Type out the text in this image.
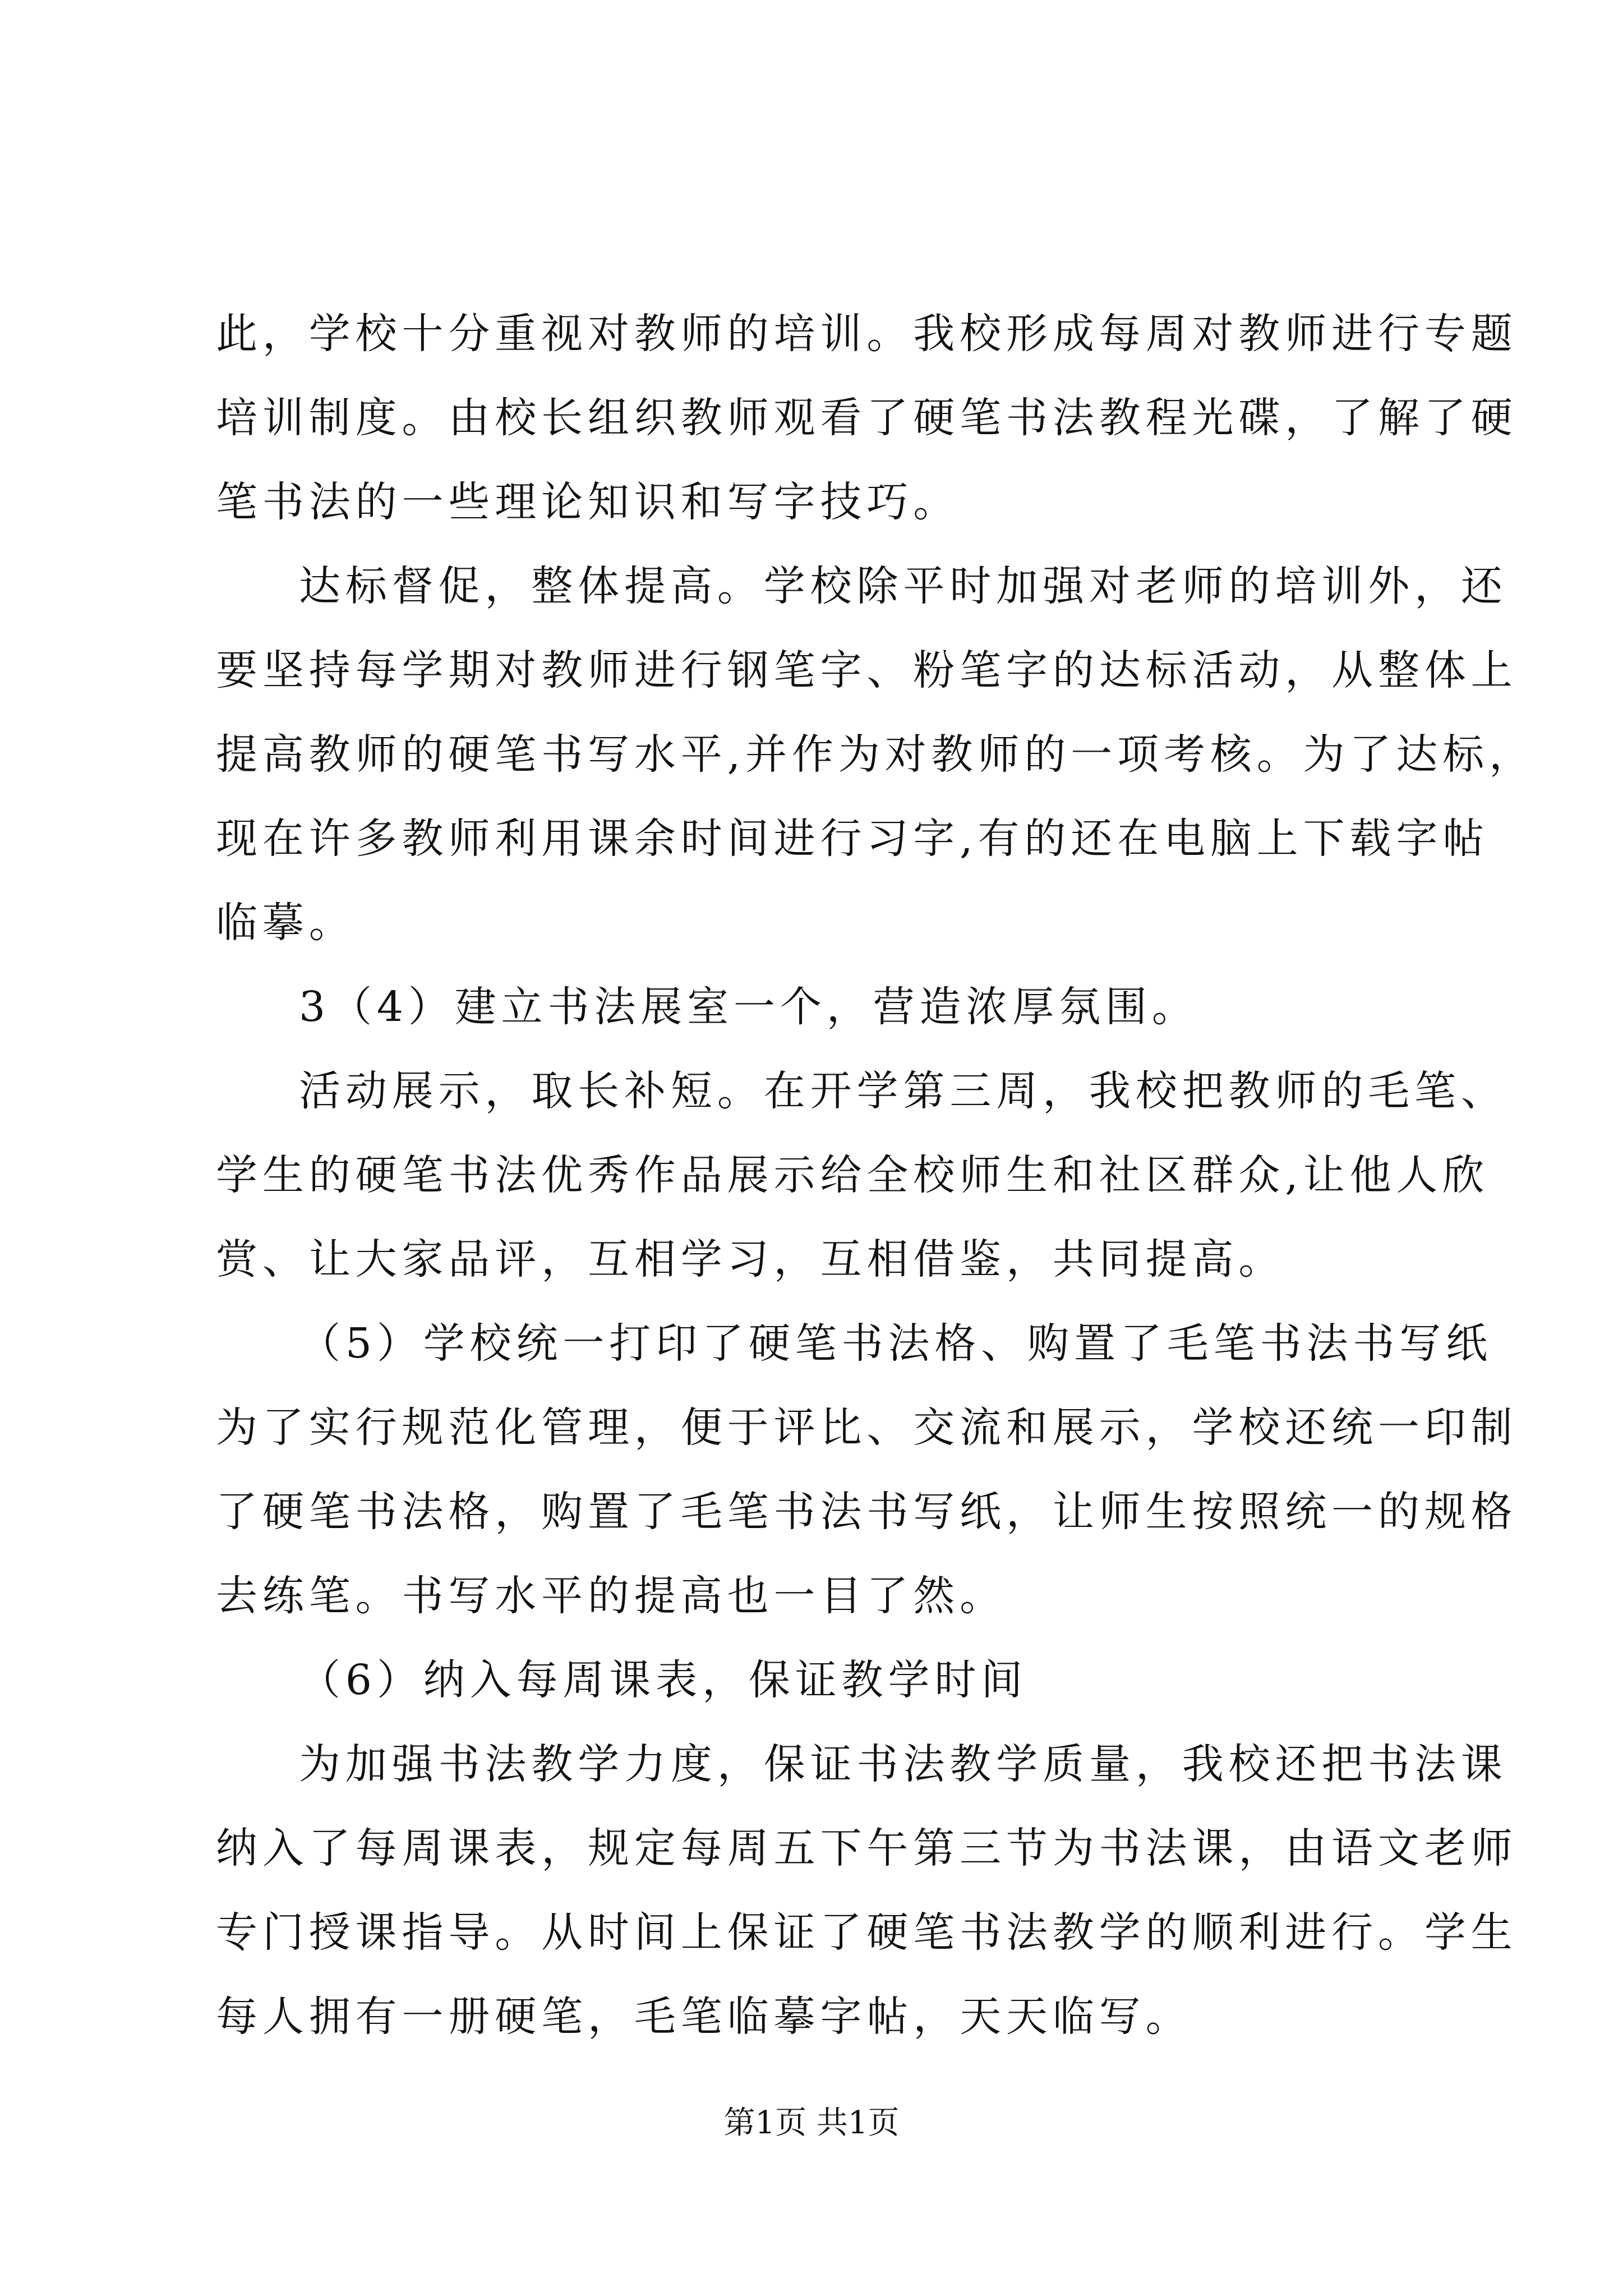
此，学校十分重视对教师的培训。我校形成每周对教师进行专题
培训制度。由校长组织教师观看了硬笔书法教程光碟，了解了硬
笔书法的一些理论知识和写字技巧。
达标督促，整体提高。学校除平时加强对老师的培训外，还
要坚持每学期对教师进行钢笔字、粉笔字的达标活动，从整体上
提高教师的硬笔书写水平,并作为对教师的一项考核。为了达标，
现在许多教师利用课余时间进行习字,有的还在电脑上下载字帖
临摹。
3（4）建立书法展室一个，营造浓厚氛围。
活动展示，取长补短。在开学第三周，我校把教师的毛笔、
学生的硬笔书法优秀作品展示给全校师生和社区群众,让他人欣
赏、让大家品评，互相学习，互相借鉴，共同提高。
（5）学校统一打印了硬笔书法格、购置了毛笔书法书写纸
为了实行规范化管理，便于评比、交流和展示，学校还统一印制
了硬笔书法格，购置了毛笔书法书写纸，让师生按照统一的规格
去练笔。书写水平的提高也一目了然。
（6）纳入每周课表，保证教学时间
为加强书法教学力度，保证书法教学质量，我校还把书法课
纳入了每周课表，规定每周五下午第三节为书法课，由语文老师
专门授课指导。从时间上保证了硬笔书法教学的顺利进行。学生
每人拥有一册硬笔，毛笔临摹字帖，天天临写。
第1页 共1页
